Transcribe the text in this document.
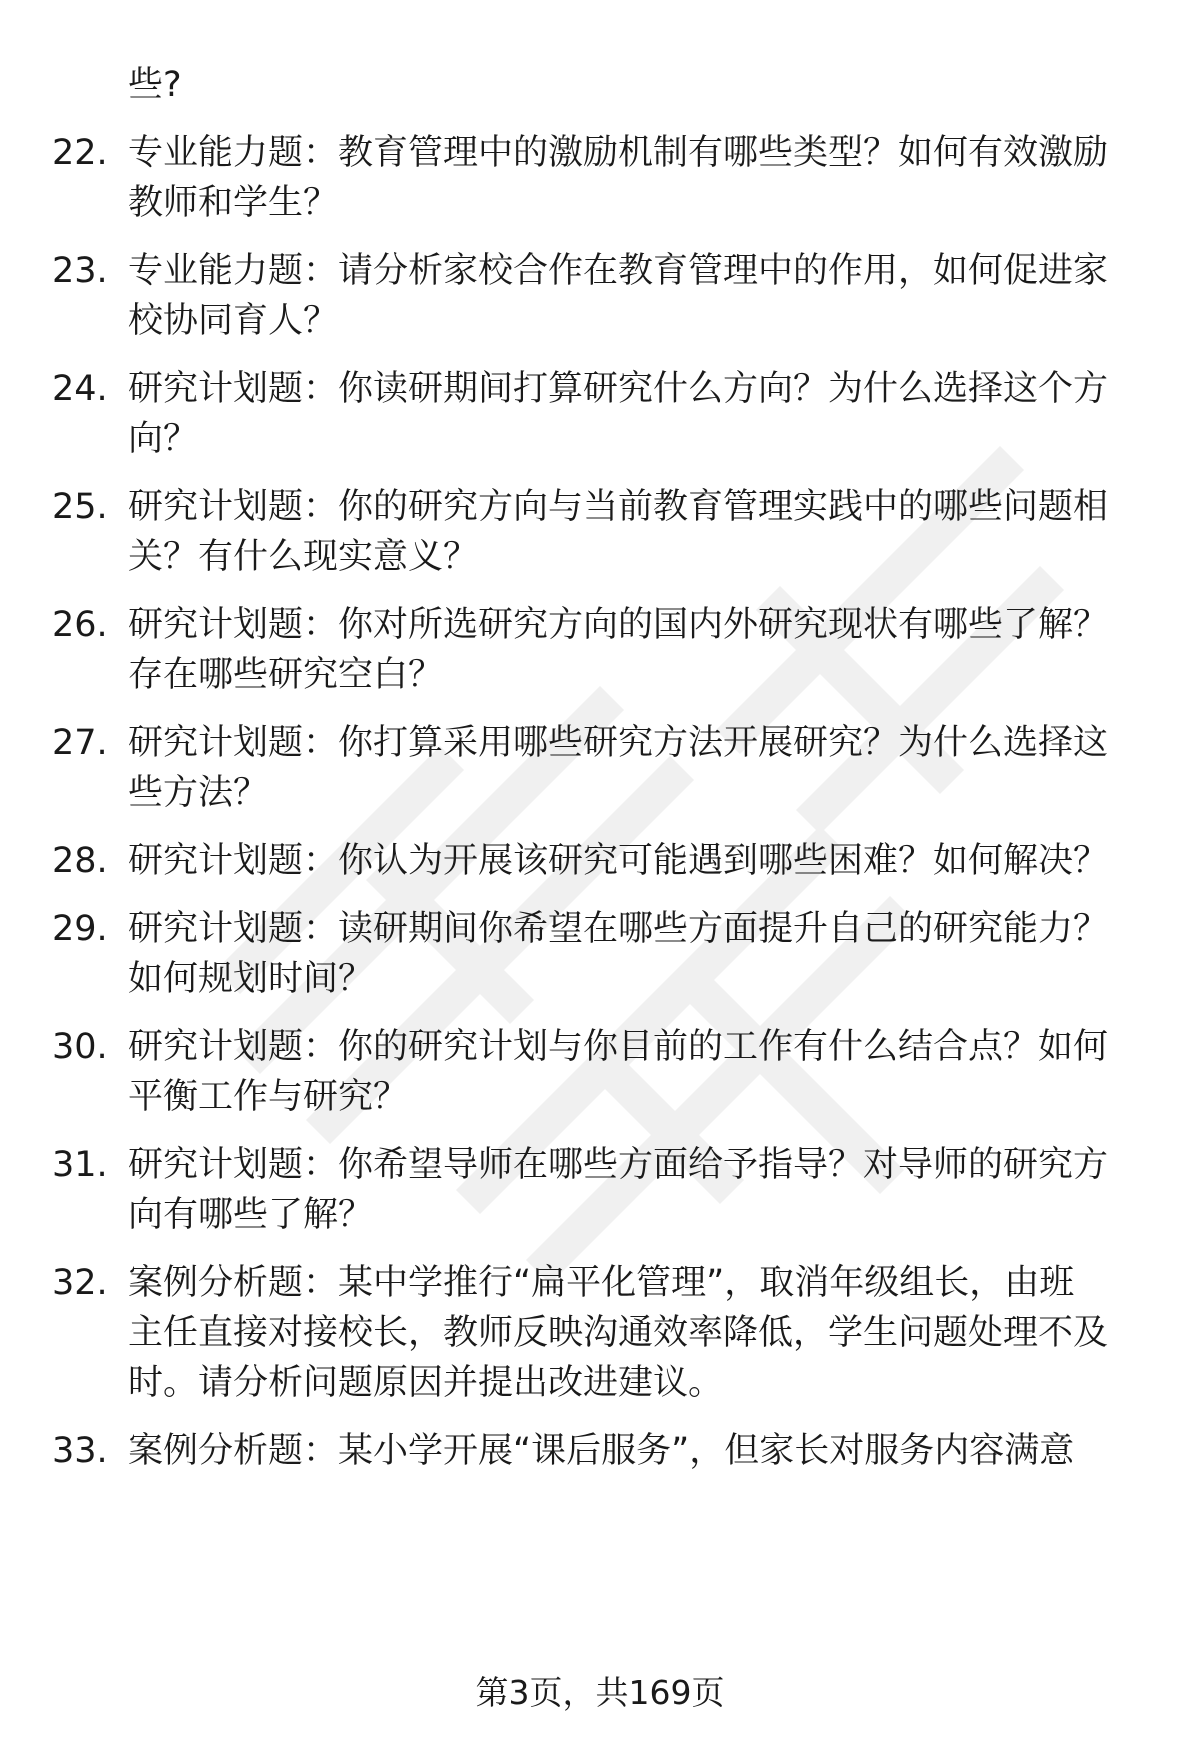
些?
22. 专业能力题：教育管理中的激励机制有哪些类型？如何有效激励
教师和学生？
23. 专业能力题：请分析家校合作在教育管理中的作用，如何促进家
校协同育人？
24. 研究计划题：你读研期间打算研究什么方向？为什么选择这个方
向？
25. 研究计划题：你的研究方向与当前教育管理实践中的哪些问题相
关？有什么现实意义？
26. 研究计划题：你对所选研究方向的国内外研究现状有哪些了解？
存在哪些研究空白？
27. 研究计划题：你打算采用哪些研究方法开展研究？为什么选择这
些方法？
28. 研究计划题：你认为开展该研究可能遇到哪些困难？如何解决？
29. 研究计划题：读研期间你希望在哪些方面提升自己的研究能力？
如何规划时间？
30. 研究计划题：你的研究计划与你目前的工作有什么结合点？如何
平衡工作与研究？
31. 研究计划题：你希望导师在哪些方面给予指导？对导师的研究方
向有哪些了解？
32. 案例分析题：某中学推行“扁平化管理”，取消年级组长，由班
主任直接对接校长，教师反映沟通效率降低，学生问题处理不及
时。请分析问题原因并提出改进建议。
33. 案例分析题：某小学开展“课后服务”，但家长对服务内容满意
第3页，共169页
